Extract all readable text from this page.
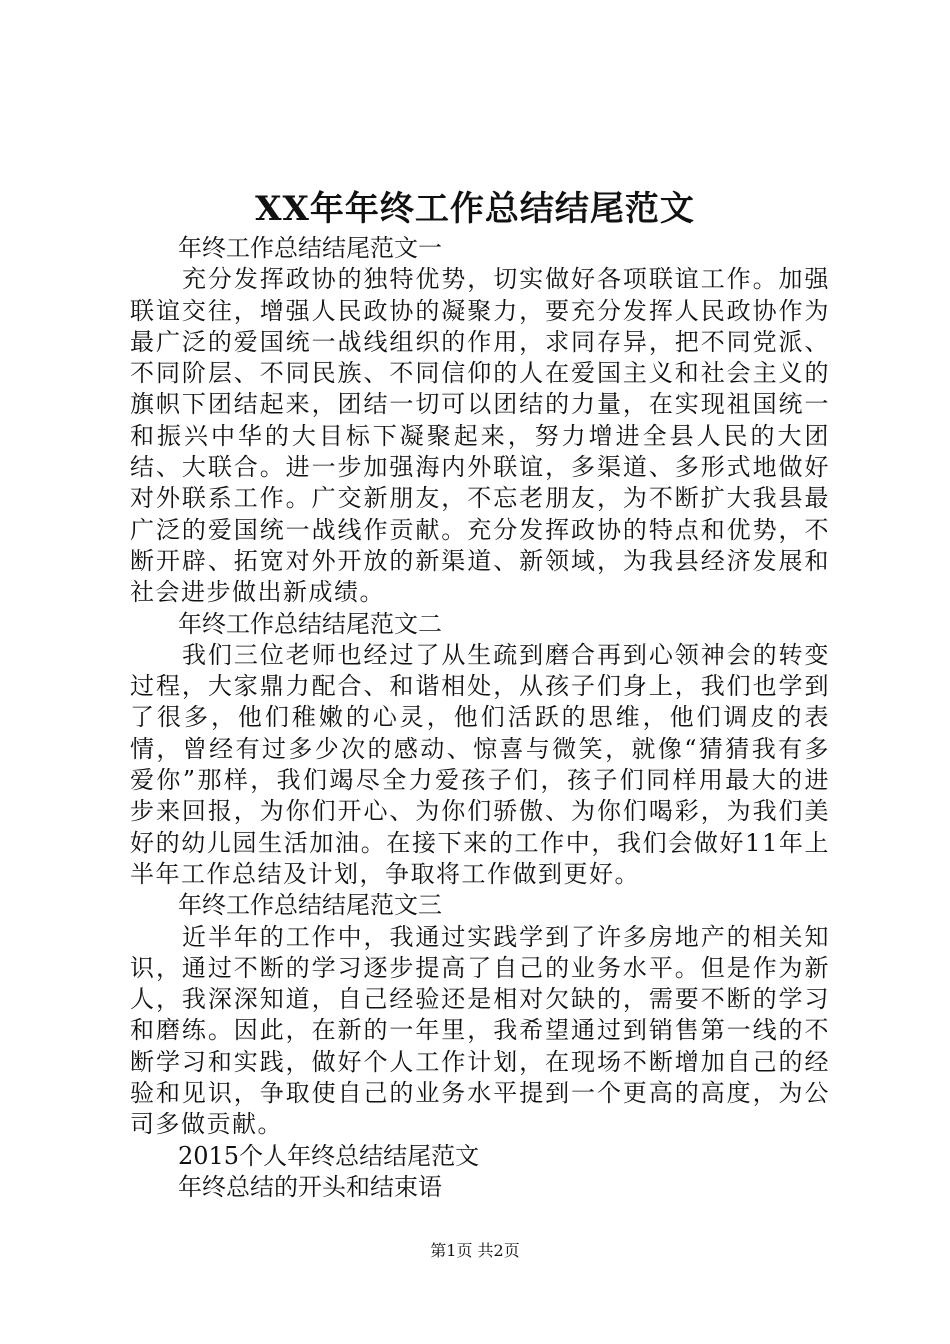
XX年年终工作总结结尾范文
年终工作总结结尾范文一

充分发挥政协的独特优势，切实做好各项联谊工作。加强联谊交往，增强人民政协的凝聚力，要充分发挥人民政协作为最广泛的爱国统一战线组织的作用，求同存异，把不同党派、不同阶层、不同民族、不同信仰的人在爱国主义和社会主义的旗帜下团结起来，团结一切可以团结的力量，在实现祖国统一和振兴中华的大目标下凝聚起来，努力增进全县人民的大团结、大联合。进一步加强海内外联谊，多渠道、多形式地做好对外联系工作。广交新朋友，不忘老朋友，为不断扩大我县最广泛的爱国统一战线作贡献。充分发挥政协的特点和优势，不断开辟、拓宽对外开放的新渠道、新领域，为我县经济发展和社会进步做出新成绩。

年终工作总结结尾范文二

我们三位老师也经过了从生疏到磨合再到心领神会的转变过程，大家鼎力配合、和谐相处，从孩子们身上，我们也学到了很多，他们稚嫩的心灵，他们活跃的思维，他们调皮的表情，曾经有过多少次的感动、惊喜与微笑，就像“猜猜我有多爱你”那样，我们竭尽全力爱孩子们，孩子们同样用最大的进步来回报，为你们开心、为你们骄傲、为你们喝彩，为我们美好的幼儿园生活加油。在接下来的工作中，我们会做好11年上半年工作总结及计划，争取将工作做到更好。

年终工作总结结尾范文三

近半年的工作中，我通过实践学到了许多房地产的相关知识，通过不断的学习逐步提高了自己的业务水平。但是作为新人，我深深知道，自己经验还是相对欠缺的，需要不断的学习和磨练。因此，在新的一年里，我希望通过到销售第一线的不断学习和实践，做好个人工作计划，在现场不断增加自己的经验和见识，争取使自己的业务水平提到一个更高的高度，为公司多做贡献。

2015个人年终总结结尾范文
年终总结的开头和结束语
第1页 共2页
